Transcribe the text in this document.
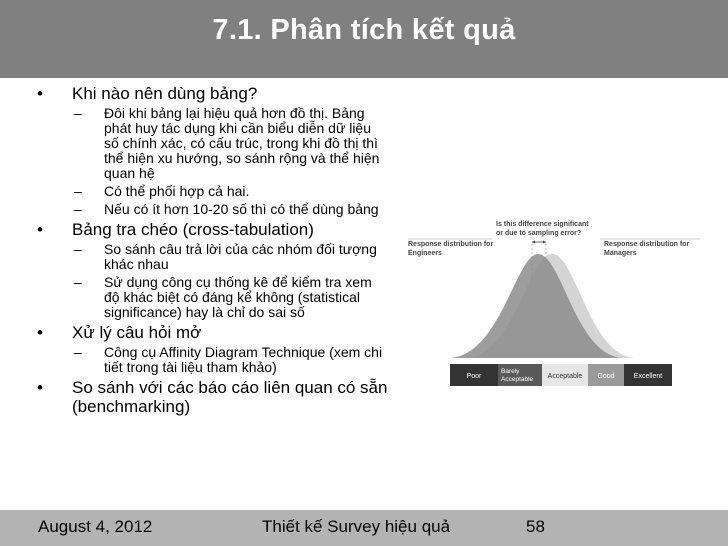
7.1. Phân tích kết quả
• Khi nào nên dùng bảng?
– Đôi khi bảng lại hiệu quả hơn đồ thị. Bảng phát huy tác dụng khi cần biểu diễn dữ liệu số chính xác, có cấu trúc, trong khi đồ thị thì thể hiện xu hướng, so sánh rộng và thể hiện quan hệ
– Có thể phối hợp cả hai.
– Nếu có ít hơn 10-20 số thì có thể dùng bảng
• Bảng tra chéo (cross-tabulation)
– So sánh câu trả lời của các nhóm đối tượng khác nhau
– Sử dụng công cụ thống kê để kiểm tra xem độ khác biệt có đáng kể không (statistical significance) hay là chỉ do sai số
• Xử lý câu hỏi mở
– Công cụ Affinity Diagram Technique (xem chi tiết trong tài liệu tham khảo)
• So sánh với các báo cáo liên quan có sẵn (benchmarking)
Is this difference significant
or due to sampling error?
Response distribution for
Engineers
Response distribution for
Managers
Poor
Barely
Acceptable Acceptable Good	Excellent
August 4, 2012	Thiết kế Survey hiệu quả	58
